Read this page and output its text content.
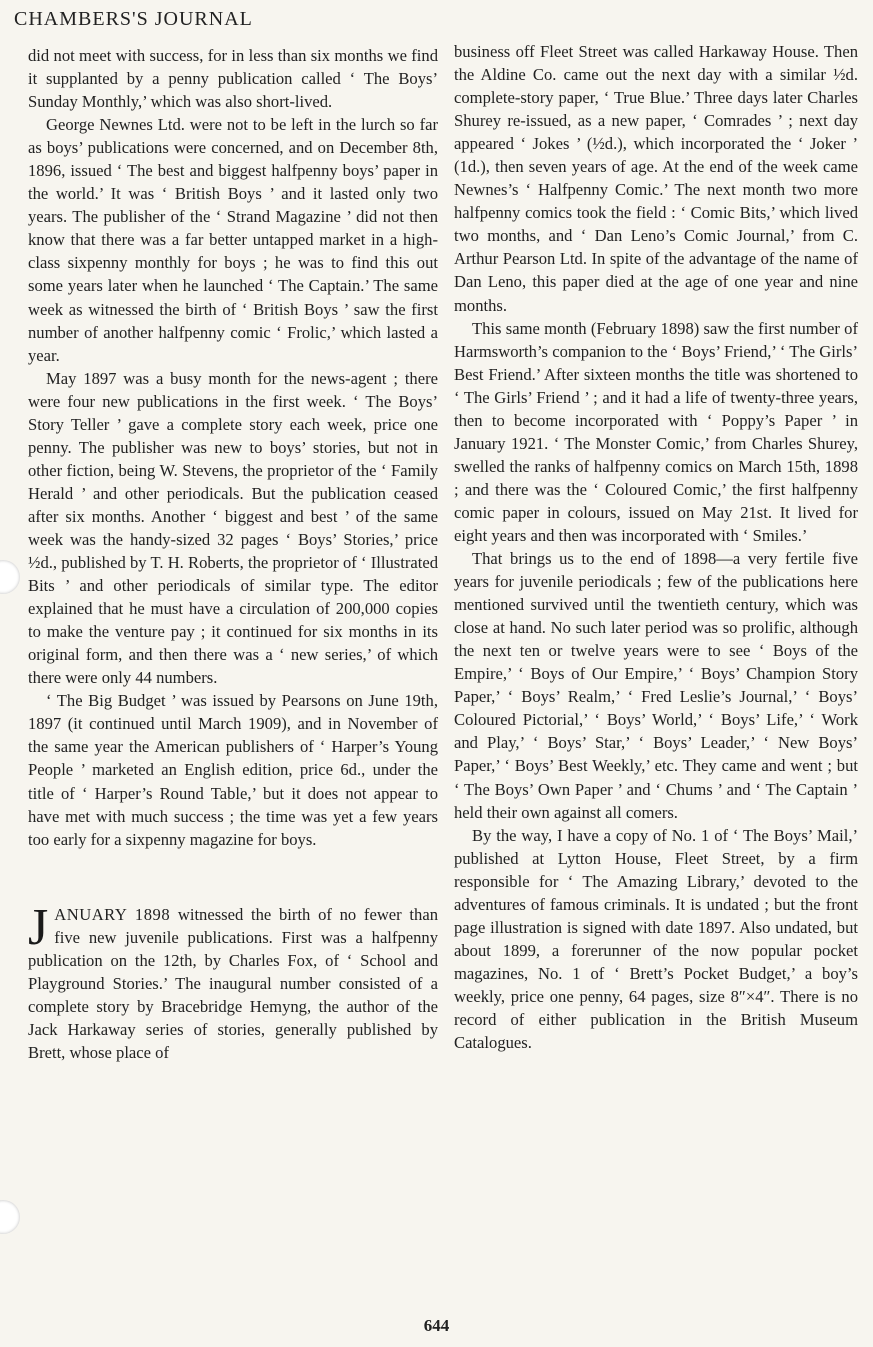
CHAMBERS'S JOURNAL

did not meet with success, for in less than six months we find it supplanted by a penny publication called ‘ The Boys’ Sunday Monthly,’ which was also short-lived.

George Newnes Ltd. were not to be left in the lurch so far as boys’ publications were concerned, and on December 8th, 1896, issued ‘ The best and biggest halfpenny boys’ paper in the world.’ It was ‘ British Boys ’ and it lasted only two years. The publisher of the ‘ Strand Magazine ’ did not then know that there was a far better untapped market in a high-class sixpenny monthly for boys ; he was to find this out some years later when he launched ‘ The Captain.’ The same week as witnessed the birth of ‘ British Boys ’ saw the first number of another halfpenny comic ‘ Frolic,’ which lasted a year.

May 1897 was a busy month for the news-agent ; there were four new publications in the first week. ‘ The Boys’ Story Teller ’ gave a complete story each week, price one penny. The publisher was new to boys’ stories, but not in other fiction, being W. Stevens, the proprietor of the ‘ Family Herald ’ and other periodicals. But the publication ceased after six months. Another ‘ biggest and best ’ of the same week was the handy-sized 32 pages ‘ Boys’ Stories,’ price ½d., published by T. H. Roberts, the proprietor of ‘ Illustrated Bits ’ and other periodicals of similar type. The editor explained that he must have a circulation of 200,000 copies to make the venture pay ; it continued for six months in its original form, and then there was a ‘ new series,’ of which there were only 44 numbers.

‘ The Big Budget ’ was issued by Pearsons on June 19th, 1897 (it continued until March 1909), and in November of the same year the American publishers of ‘ Harper’s Young People ’ marketed an English edition, price 6d., under the title of ‘ Harper’s Round Table,’ but it does not appear to have met with much success ; the time was yet a few years too early for a sixpenny magazine for boys.

JANUARY 1898 witnessed the birth of no fewer than five new juvenile publications. First was a halfpenny publication on the 12th, by Charles Fox, of ‘ School and Playground Stories.’ The inaugural number consisted of a complete story by Bracebridge Hemyng, the author of the Jack Harkaway series of stories, generally published by Brett, whose place of

business off Fleet Street was called Harkaway House. Then the Aldine Co. came out the next day with a similar ½d. complete-story paper, ‘ True Blue.’ Three days later Charles Shurey re-issued, as a new paper, ‘ Comrades ’ ; next day appeared ‘ Jokes ’ (½d.), which incorporated the ‘ Joker ’ (1d.), then seven years of age. At the end of the week came Newnes’s ‘ Halfpenny Comic.’ The next month two more halfpenny comics took the field : ‘ Comic Bits,’ which lived two months, and ‘ Dan Leno’s Comic Journal,’ from C. Arthur Pearson Ltd. In spite of the advantage of the name of Dan Leno, this paper died at the age of one year and nine months.

This same month (February 1898) saw the first number of Harmsworth’s companion to the ‘ Boys’ Friend,’ ‘ The Girls’ Best Friend.’ After sixteen months the title was shortened to ‘ The Girls’ Friend ’ ; and it had a life of twenty-three years, then to become incorporated with ‘ Poppy’s Paper ’ in January 1921. ‘ The Monster Comic,’ from Charles Shurey, swelled the ranks of halfpenny comics on March 15th, 1898 ; and there was the ‘ Coloured Comic,’ the first halfpenny comic paper in colours, issued on May 21st. It lived for eight years and then was incorporated with ‘ Smiles.’

That brings us to the end of 1898—a very fertile five years for juvenile periodicals ; few of the publications here mentioned survived until the twentieth century, which was close at hand. No such later period was so prolific, although the next ten or twelve years were to see ‘ Boys of the Empire,’ ‘ Boys of Our Empire,’ ‘ Boys’ Champion Story Paper,’ ‘ Boys’ Realm,’ ‘ Fred Leslie’s Journal,’ ‘ Boys’ Coloured Pictorial,’ ‘ Boys’ World,’ ‘ Boys’ Life,’ ‘ Work and Play,’ ‘ Boys’ Star,’ ‘ Boys’ Leader,’ ‘ New Boys’ Paper,’ ‘ Boys’ Best Weekly,’ etc. They came and went ; but ‘ The Boys’ Own Paper ’ and ‘ Chums ’ and ‘ The Captain ’ held their own against all comers.

By the way, I have a copy of No. 1 of ‘ The Boys’ Mail,’ published at Lytton House, Fleet Street, by a firm responsible for ‘ The Amazing Library,’ devoted to the adventures of famous criminals. It is undated ; but the front page illustration is signed with date 1897. Also undated, but about 1899, a forerunner of the now popular pocket magazines, No. 1 of ‘ Brett’s Pocket Budget,’ a boy’s weekly, price one penny, 64 pages, size 8″×4″. There is no record of either publication in the British Museum Catalogues.

644
